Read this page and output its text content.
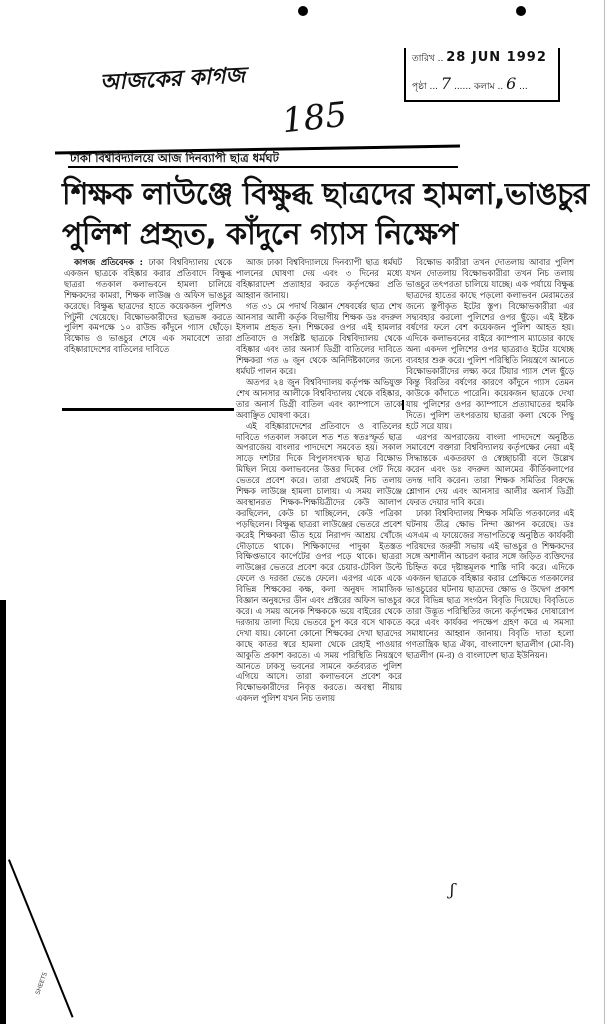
আজকের কাগজ
185
তারিখ .. 28 JUN 1992
পৃষ্ঠা ... 7 ...... কলাম .. 6 ...
ঢাকা বিশ্ববিদ্যালয়ে আজ দিনব্যাপী ছাত্র ধর্মঘট
শিক্ষক লাউঞ্জে বিক্ষুব্ধ ছাত্রদের হামলা,ভাঙচুর
পুলিশ প্রহৃত, কাঁদুনে গ্যাস নিক্ষেপ

কাগজ প্রতিবেদক : ঢাকা বিশ্ববিদ্যালয় থেকে একজন ছাত্রকে বহিষ্কার করার প্রতিবাদে বিক্ষুব্ধ ছাত্ররা গতকাল কলাভবনে হামলা চালিয়ে শিক্ষকদের কামরা, শিক্ষক লাউঞ্জ ও অফিস ভাঙচুর করেছে। বিক্ষুব্ধ ছাত্রদের হাতে কয়েকজন পুলিশও পিটুনী খেয়েছে। বিক্ষোভকারীদের ছত্রভঙ্গ করতে পুলিশ কমপক্ষে ১০ রাউন্ড কাঁদুনে গ্যাস ছোঁড়ে। বিক্ষোভ ও ভাঙচুর শেষে এক সমাবেশে তারা বহিষ্কারাদেশের বাতিলের দাবিতে

আজ ঢাকা বিশ্ববিদ্যালয়ে দিনব্যাপী ছাত্র ধর্মঘট পালনের ঘোষণা দেয় এবং ৩ দিনের মধ্যে বহিষ্কারাদেশ প্রত্যাহার করতে কর্তৃপক্ষের প্রতি আহ্বান জানায়।

গত ৩১ মে পদার্থ বিজ্ঞান শেষবর্ষের ছাত্র শেখ আনসার আলী কর্তৃক বিভাগীয় শিক্ষক ডঃ বদরুল ইসলাম প্রহৃত হন। শিক্ষকের ওপর এই হামলার প্রতিবাদে ও সংশ্লিষ্ট ছাত্রকে বিশ্ববিদ্যালয় থেকে বহিষ্কার এবং তার অনার্স ডিগ্রী বাতিলের দাবিতে শিক্ষকরা গত ৬ জুন থেকে অনির্দিষ্টকালের জন্যে ধর্মঘট পালন করে।

অতপর ২৪ জুন বিশ্ববিদ্যালয় কর্তৃপক্ষ অভিযুক্ত শেখ আনসার আলীকে বিশ্ববিদ্যালয় থেকে বহিষ্কার, তার অনার্স ডিগ্রী বাতিল এবং ক্যাম্পাসে তাকে অবাঞ্ছিত ঘোষণা করে।

এই বহিষ্কারাদেশের প্রতিবাদে ও বাতিলের দাবিতে গতকাল সকালে শত শত স্বতঃস্ফূর্ত ছাত্র অপরাজেয় বাংলার পাদদেশে সমবেত হয়। সকাল সাড়ে দশটার দিকে বিপুলসংখ্যক ছাত্র বিক্ষোভ মিছিল নিয়ে কলাভবনের উত্তর দিকের গেট দিয়ে ভেতরে প্রবেশ করে। তারা প্রথমেই নিচ তলায় শিক্ষক লাউঞ্জে হামলা চালায়। এ সময় লাউঞ্জে অবস্থানরত শিক্ষক-শিক্ষয়িত্রীদের কেউ আলাপ করছিলেন, কেউ চা খাচ্ছিলেন, কেউ পত্রিকা পড়ছিলেন। বিক্ষুব্ধ ছাত্ররা লাউঞ্জের ভেতরে প্রবেশ করেই শিক্ষকরা ভীত হয়ে নিরাপদ আশ্রয় খোঁজে দৌড়াতে থাকে। শিক্ষিকাদের পাদুকা ইতস্তত বিক্ষিপ্তভাবে কার্পেটের ওপর পড়ে থাকে। ছাত্ররা লাউঞ্জের ভেতরে প্রবেশ করে চেয়ার-টেবিল উল্টে ফেলে ও দরজা ভেঙে ফেলে। এরপর একে একে বিভিন্ন শিক্ষকের কক্ষ, কলা অনুষদ সামাজিক বিজ্ঞান অনুষদের ডীন এবং প্রক্টরের অফিস ভাঙচুর করে। এ সময় অনেক শিক্ষককে ভয়ে বাইরের থেকে দরজায় তালা দিয়ে ভেতরে চুপ করে বসে থাকতে দেখা যায়। কোনো কোনো শিক্ষকের দেখা ছাত্রদের কাছে কাতর স্বরে হামলা থেকে রেহাই পাওয়ার আকুতি প্রকাশ করতে। এ সময় পরিস্থিতি নিয়ন্ত্রণে আনতে ঢাকসু ভবনের সামনে কর্তব্যরত পুলিশ এগিয়ে আসে। তারা কলাভবনে প্রবেশ করে বিক্ষোভকারীদের নিবৃত্ত করতে। অবস্থা নীয়ায় একদল পুলিশ যখন নিচ তলায়

বিক্ষোভ কারীরা তখন দোতলায় আবার পুলিশ যখন দোতলায় বিক্ষোভকারীরা তখন নিচ তলায় ভাঙচুর তৎপরতা চালিয়ে যাচ্ছে। এক পর্যায়ে বিক্ষুব্ধ ছাত্রদের হাতের কাছে পড়লো কলাভবন মেরামতের জন্যে স্তূপীকৃত ইটের স্তূপ। বিক্ষোভকারীরা এর সদ্ব্যবহার করলো পুলিশের ওপর ছুঁড়ে। এই ইষ্টক বর্ষণের ফলে বেশ কয়েকজন পুলিশ আহত হয়। এদিকে কলাভবনের বাইরে ক্যাম্পাস ম্যাডোর কাছে অন্য একদল পুলিশের ওপর ছাত্ররাও ইটের যথেচ্ছ ব্যবহার শুরু করে। পুলিশ পরিস্থিতি নিয়ন্ত্রণে আনতে বিক্ষোভকারীদের লক্ষ্য করে টিয়ার গ্যাস শেল ছুঁড়ে কিন্তু বিরতির বর্ষণের কারণে কাঁদুনে গ্যাস তেমন কাউকে কাঁদাতে পারেনি। কয়েকজন ছাত্রকে দেখা যায় পুলিশের ওপর ক্যাম্পাসে প্রত্যাঘাতের হুমকি দিতে। পুলিশ তৎপরতায় ছাত্ররা কলা থেকে পিছু হটে সরে যায়।

এরপর অপরাজেয় বাংলা পাদদেশে অনুষ্ঠিত সমাবেশে বক্তারা বিশ্ববিদ্যালয় কর্তৃপক্ষের নেয়া এই সিদ্ধান্তকে একতরফা ও স্বেচ্ছাচারী বলে উল্লেখ করেন এবং ডঃ বদরুল আলমের কীর্তিকলাপের তদন্ত দাবি করেন। তারা শিক্ষক সমিতির বিরুদ্ধে শ্লোগান দেয় এবং আনসার আলীর অনার্স ডিগ্রী ফেরত দেয়ার দাবি করে।

ঢাকা বিশ্ববিদ্যালয় শিক্ষক সমিতি গতকালের এই ঘটনায় তীব্র ক্ষোভ নিন্দা জ্ঞাপন করেছে। ডঃ এসএম এ ফায়েজের সভাপতিত্বে অনুষ্ঠিত কার্যকরী পরিষদের জরুরী সভায় এই ভাঙচুর ও শিক্ষকদের সঙ্গে অশালীন আচরণ করার সঙ্গে জড়িত ব্যক্তিদের চিহ্নিত করে দৃষ্টান্তমূলক শাস্তি দাবি করে। এদিকে একজন ছাত্রকে বহিষ্কার করার প্রেক্ষিতে গতকালের ভাঙচুরের ঘটনায় ছাত্রদের ক্ষোভ ও উদ্বেগ প্রকাশ করে বিভিন্ন ছাত্র সংগঠন বিবৃতি দিয়েছে। বিবৃতিতে তারা উদ্ভূত পরিস্থিতির জন্যে কর্তৃপক্ষের দোষারোপ করে এবং কার্যকর পদক্ষেপ গ্রহণ করে এ সমস্যা সমাধানের আহ্বান জানায়। বিবৃতি দাতা হলো গণতান্ত্রিক ছাত্র ঐক্য, বাংলাদেশ ছাত্রলীগ (মো-বি) ছাত্রলীগ (ম-র) ও বাংলাদেশ ছাত্র ইউনিয়ন।

ʃ
SHEETS
